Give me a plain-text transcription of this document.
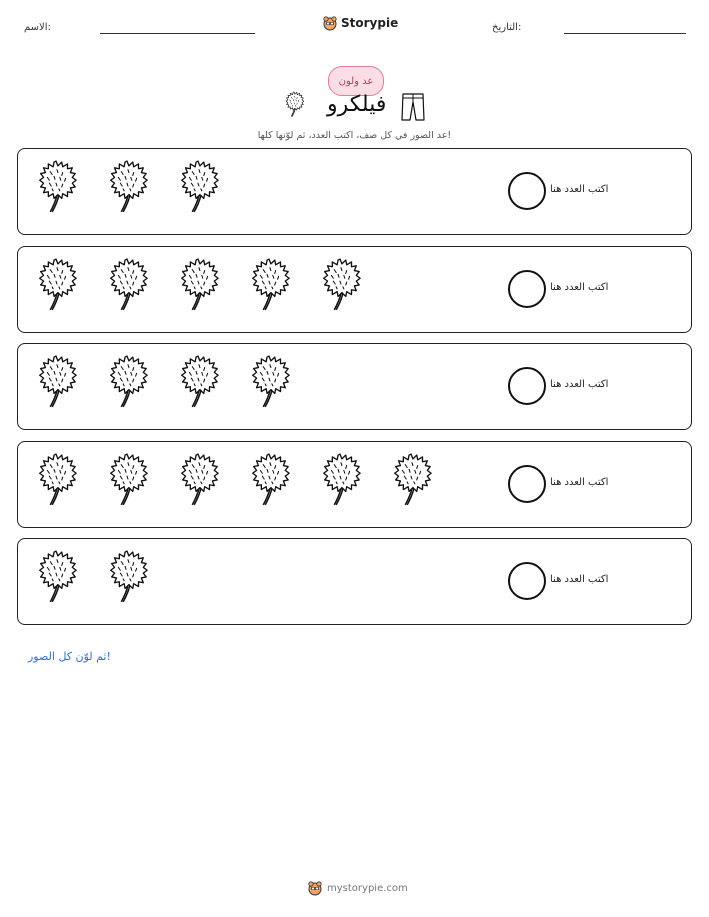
الاسم:	Storypie	التاريخ:
عد ولون
فيلكرو
عد الصور في كل صف، اكتب العدد، ثم لوّنها كلها!
اكتب العدد هنا
اكتب العدد هنا
اكتب العدد هنا
اكتب العدد هنا
اكتب العدد هنا
ثم لوّن كل الصور!
mystorypie.com
